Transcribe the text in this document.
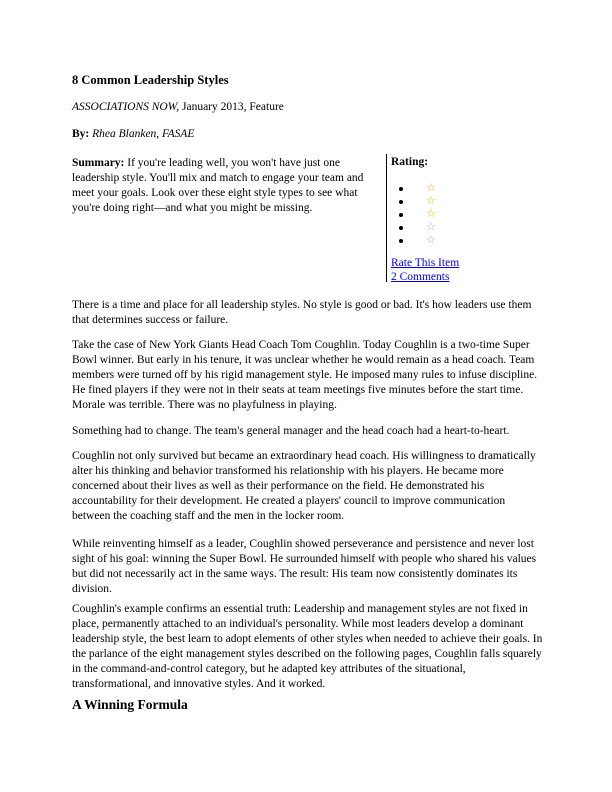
8 Common Leadership Styles
ASSOCIATIONS NOW, January 2013, Feature
By: Rhea Blanken, FASAE
Summary: If you're leading well, you won't have just one leadership style. You'll mix and match to engage your team and meet your goals. Look over these eight style types to see what you're doing right—and what you might be missing.
Rating:
☆
☆
☆
☆
☆
Rate This Item
2 Comments

There is a time and place for all leadership styles. No style is good or bad. It's how leaders use them that determines success or failure.

Take the case of New York Giants Head Coach Tom Coughlin. Today Coughlin is a two-time Super Bowl winner. But early in his tenure, it was unclear whether he would remain as a head coach. Team members were turned off by his rigid management style. He imposed many rules to infuse discipline. He fined players if they were not in their seats at team meetings five minutes before the start time. Morale was terrible. There was no playfulness in playing.

Something had to change. The team's general manager and the head coach had a heart-to-heart.

Coughlin not only survived but became an extraordinary head coach. His willingness to dramatically alter his thinking and behavior transformed his relationship with his players. He became more concerned about their lives as well as their performance on the field. He demonstrated his accountability for their development. He created a players' council to improve communication between the coaching staff and the men in the locker room.

While reinventing himself as a leader, Coughlin showed perseverance and persistence and never lost sight of his goal: winning the Super Bowl. He surrounded himself with people who shared his values but did not necessarily act in the same ways. The result: His team now consistently dominates its division.

Coughlin's example confirms an essential truth: Leadership and management styles are not fixed in place, permanently attached to an individual's personality. While most leaders develop a dominant leadership style, the best learn to adopt elements of other styles when needed to achieve their goals. In the parlance of the eight management styles described on the following pages, Coughlin falls squarely in the command-and-control category, but he adapted key attributes of the situational, transformational, and innovative styles. And it worked.

A Winning Formula
